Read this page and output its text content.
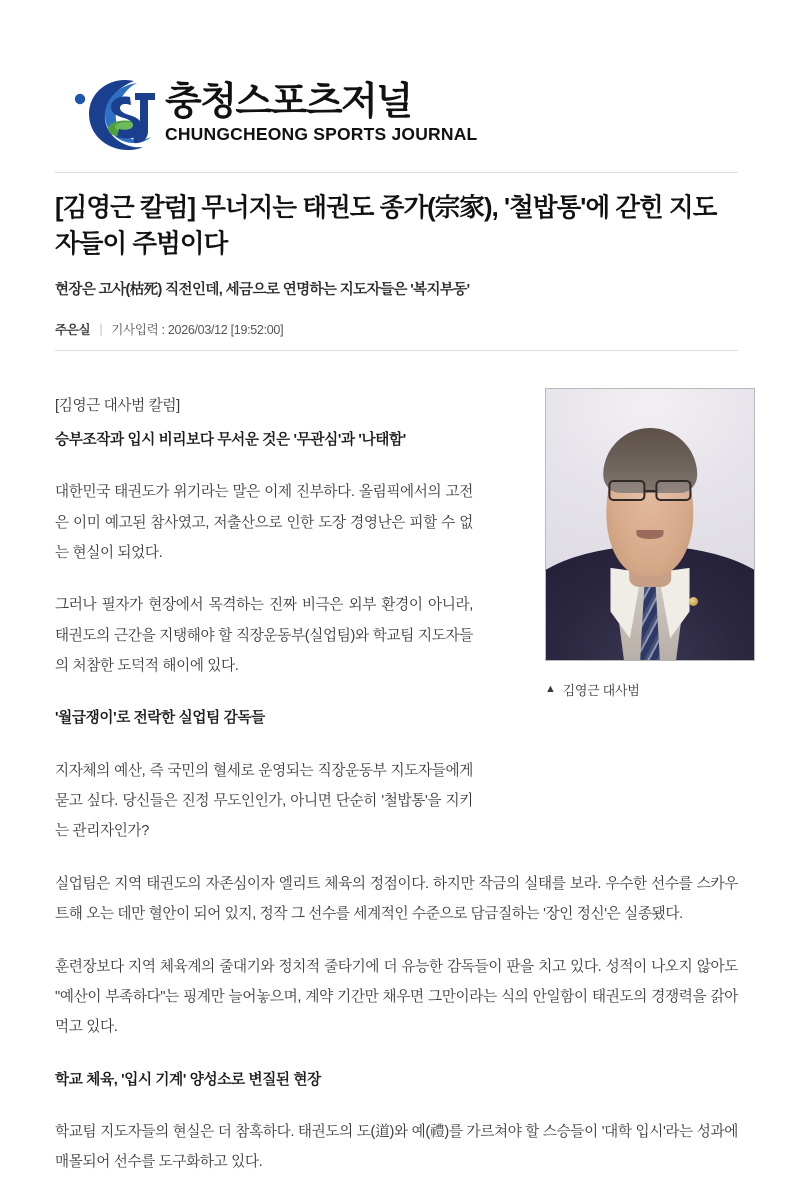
충청스포츠저널
CHUNGCHEONG SPORTS JOURNAL
[김영근 칼럼] 무너지는 태권도 종가(宗家), '철밥통'에 갇힌 지도자들이 주범이다
현장은 고사(枯死) 직전인데, 세금으로 연명하는 지도자들은 '복지부동'
주은실 | 기사입력 : 2026/03/12 [19:52:00]
▲ 김영근 대사범

[김영근 대사범 칼럼]

승부조작과 입시 비리보다 무서운 것은 '무관심'과 '나태함'

대한민국 태권도가 위기라는 말은 이제 진부하다. 올림픽에서의 고전은 이미 예고된 참사였고, 저출산으로 인한 도장 경영난은 피할 수 없는 현실이 되었다.

그러나 필자가 현장에서 목격하는 진짜 비극은 외부 환경이 아니라, 태권도의 근간을 지탱해야 할 직장운동부(실업팀)와 학교팀 지도자들의 처참한 도덕적 해이에 있다.

'월급쟁이'로 전락한 실업팀 감독들

지자체의 예산, 즉 국민의 혈세로 운영되는 직장운동부 지도자들에게 묻고 싶다. 당신들은 진정 무도인인가, 아니면 단순히 '철밥통'을 지키는 관리자인가?

실업팀은 지역 태권도의 자존심이자 엘리트 체육의 정점이다. 하지만 작금의 실태를 보라. 우수한 선수를 스카우트해 오는 데만 혈안이 되어 있지, 정작 그 선수를 세계적인 수준으로 담금질하는 '장인 정신'은 실종됐다.

훈련장보다 지역 체육계의 줄대기와 정치적 줄타기에 더 유능한 감독들이 판을 치고 있다. 성적이 나오지 않아도 "예산이 부족하다"는 핑계만 늘어놓으며, 계약 기간만 채우면 그만이라는 식의 안일함이 태권도의 경쟁력을 갉아먹고 있다.

학교 체육, '입시 기계' 양성소로 변질된 현장

학교팀 지도자들의 현실은 더 참혹하다. 태권도의 도(道)와 예(禮)를 가르쳐야 할 스승들이 '대학 입시'라는 성과에 매몰되어 선수를 도구화하고 있다.
